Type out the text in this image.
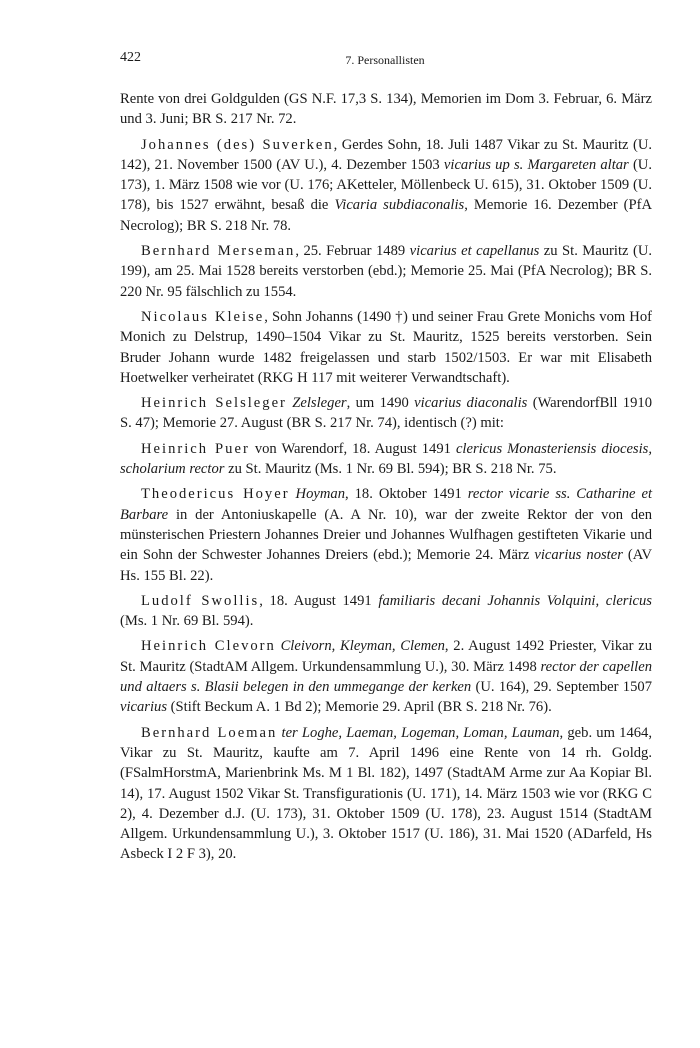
422	7. Personallisten

Rente von drei Goldgulden (GS N.F. 17,3 S. 134), Memorien im Dom 3. Februar, 6. März und 3. Juni; BR S. 217 Nr. 72.

Johannes (des) Suverken, Gerdes Sohn, 18. Juli 1487 Vikar zu St. Mauritz (U. 142), 21. November 1500 (AV U.), 4. Dezember 1503 vicarius up s. Margareten altar (U. 173), 1. März 1508 wie vor (U. 176; AKetteler, Möllenbeck U. 615), 31. Oktober 1509 (U. 178), bis 1527 erwähnt, besaß die Vicaria subdiaconalis, Memorie 16. Dezember (PfA Necrolog); BR S. 218 Nr. 78.

Bernhard Merseman, 25. Februar 1489 vicarius et capellanus zu St. Mauritz (U. 199), am 25. Mai 1528 bereits verstorben (ebd.); Memorie 25. Mai (PfA Necrolog); BR S. 220 Nr. 95 fälschlich zu 1554.

Nicolaus Kleise, Sohn Johanns (1490 †) und seiner Frau Grete Monichs vom Hof Monich zu Delstrup, 1490–1504 Vikar zu St. Mauritz, 1525 bereits verstorben. Sein Bruder Johann wurde 1482 freigelassen und starb 1502/1503. Er war mit Elisabeth Hoetwelker verheiratet (RKG H 117 mit weiterer Verwandtschaft).

Heinrich Selsleger Zelsleger, um 1490 vicarius diaconalis (WarendorfBll 1910 S. 47); Memorie 27. August (BR S. 217 Nr. 74), identisch (?) mit:

Heinrich Puer von Warendorf, 18. August 1491 clericus Monasteriensis diocesis, scholarium rector zu St. Mauritz (Ms. 1 Nr. 69 Bl. 594); BR S. 218 Nr. 75.

Theodericus Hoyer Hoyman, 18. Oktober 1491 rector vicarie ss. Catharine et Barbare in der Antoniuskapelle (A. A Nr. 10), war der zweite Rektor der von den münsterischen Priestern Johannes Dreier und Johannes Wulfhagen gestifteten Vikarie und ein Sohn der Schwester Johannes Dreiers (ebd.); Memorie 24. März vicarius noster (AV Hs. 155 Bl. 22).

Ludolf Swollis, 18. August 1491 familiaris decani Johannis Volquini, clericus (Ms. 1 Nr. 69 Bl. 594).

Heinrich Clevorn Cleivorn, Kleyman, Clemen, 2. August 1492 Priester, Vikar zu St. Mauritz (StadtAM Allgem. Urkundensammlung U.), 30. März 1498 rector der capellen und altaers s. Blasii belegen in den ummegange der kerken (U. 164), 29. September 1507 vicarius (Stift Beckum A. 1 Bd 2); Memorie 29. April (BR S. 218 Nr. 76).

Bernhard Loeman ter Loghe, Laeman, Logeman, Loman, Lauman, geb. um 1464, Vikar zu St. Mauritz, kaufte am 7. April 1496 eine Rente von 14 rh. Goldg. (FSalmHorstmA, Marienbrink Ms. M 1 Bl. 182), 1497 (StadtAM Arme zur Aa Kopiar Bl. 14), 17. August 1502 Vikar St. Transfigurationis (U. 171), 14. März 1503 wie vor (RKG C 2), 4. Dezember d.J. (U. 173), 31. Oktober 1509 (U. 178), 23. August 1514 (StadtAM Allgem. Urkundensammlung U.), 3. Oktober 1517 (U. 186), 31. Mai 1520 (ADarfeld, Hs Asbeck I 2 F 3), 20.
